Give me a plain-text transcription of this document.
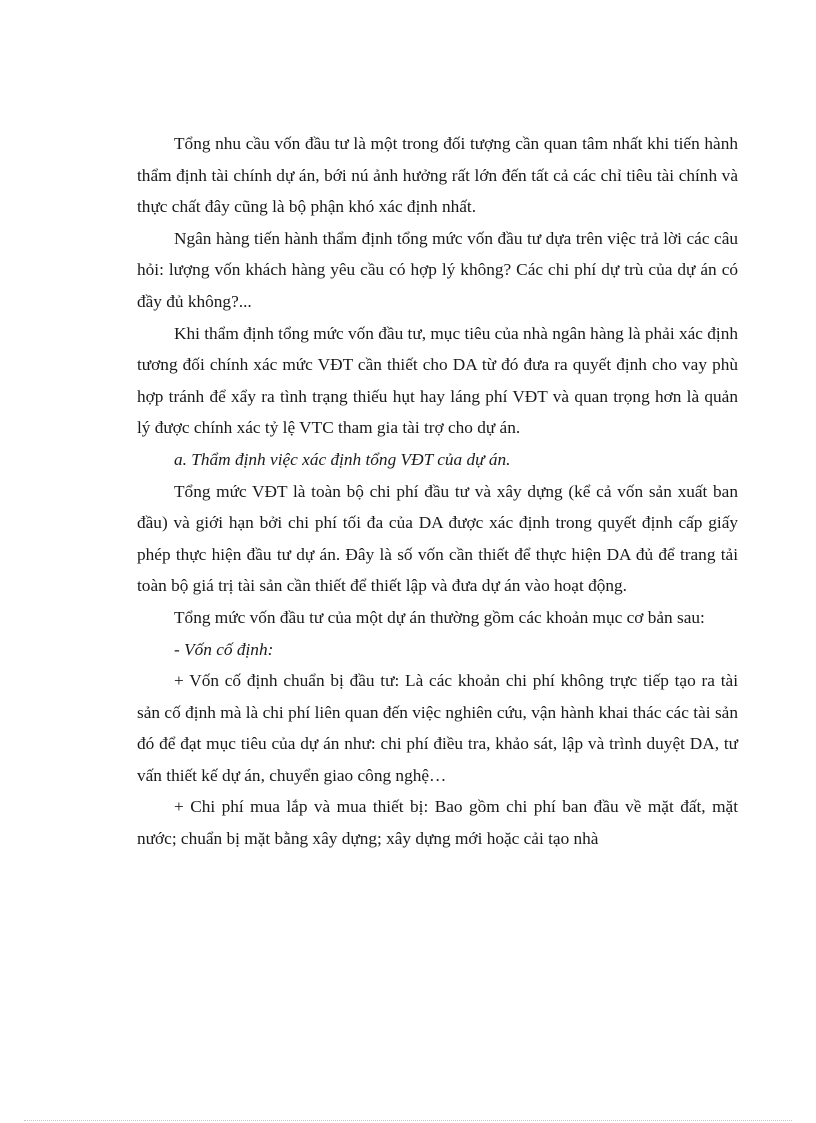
Tổng nhu cầu vốn đầu tư là một trong đối tượng cần quan tâm nhất khi tiến hành thẩm định tài chính dự án, bới nú ảnh hưởng rất lớn đến tất cả các chỉ tiêu tài chính và thực chất đây cũng là bộ phận khó xác định nhất.

Ngân hàng tiến hành thẩm định tổng mức vốn đầu tư dựa trên việc trả lời các câu hỏi: lượng vốn khách hàng yêu cầu có hợp lý không? Các chi phí dự trù của dự án có đầy đủ không?...

Khi thẩm định tổng mức vốn đầu tư, mục tiêu của nhà ngân hàng là phải xác định tương đối chính xác mức VĐT cần thiết cho DA từ đó đưa ra quyết định cho vay phù hợp tránh để xẩy ra tình trạng thiếu hụt hay láng phí VĐT và quan trọng hơn là quản lý được chính xác tỷ lệ VTC tham gia tài trợ cho dự án.

a. Thẩm định việc xác định tổng VĐT của dự án.

Tổng mức VĐT là toàn bộ chi phí đầu tư và xây dựng (kể cả vốn sản xuất ban đầu) và giới hạn bởi chi phí tối đa của DA được xác định trong quyết định cấp giấy phép thực hiện đầu tư dự án. Đây là số vốn cần thiết để thực hiện DA đủ để trang tải toàn bộ giá trị tài sản cần thiết để thiết lập và đưa dự án vào hoạt động.

Tổng mức vốn đầu tư của một dự án thường gồm các khoản mục cơ bản sau:

- Vốn cố định:

+ Vốn cố định chuẩn bị đầu tư: Là các khoản chi phí không trực tiếp tạo ra tài sản cố định mà là chi phí liên quan đến việc nghiên cứu, vận hành khai thác các tài sản đó để đạt mục tiêu của dự án như: chi phí điều tra, khảo sát, lập và trình duyệt DA, tư vấn thiết kế dự án, chuyển giao công nghệ…

+ Chi phí mua lắp và mua thiết bị: Bao gồm chi phí ban đầu về mặt đất, mặt nước; chuẩn bị mặt bằng xây dựng; xây dựng mới hoặc cải tạo nhà
